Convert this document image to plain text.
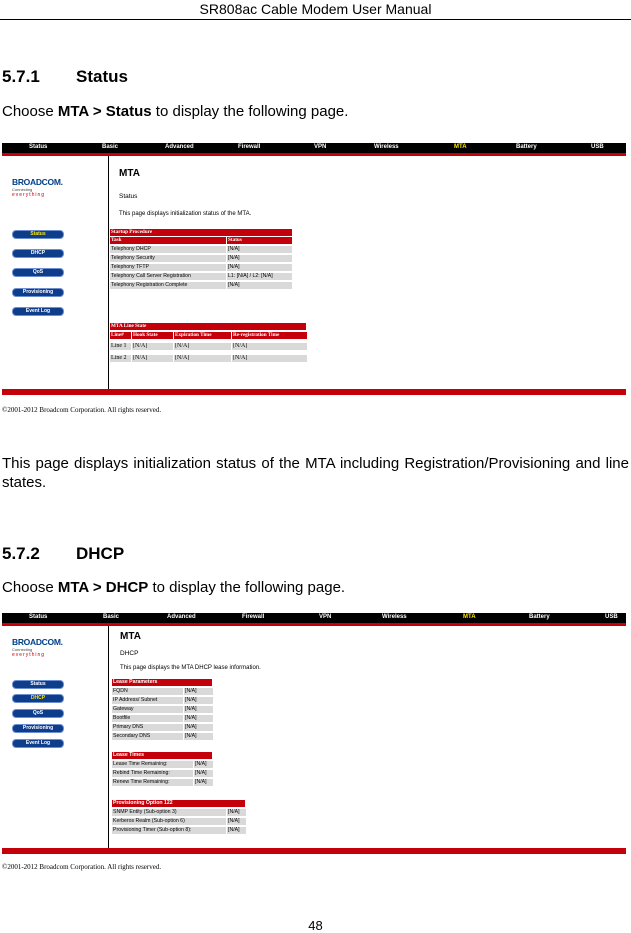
SR808ac Cable Modem User Manual
5.7.1 Status
Choose MTA > Status to display the following page.
Status	Basic	Advanced	Firewall	VPN	Wireless	MTA	Battery	USB
BROADCOM.
Connecting
everything
Status
DHCP
QoS
Provisioning
Event Log
MTA
Status
This page displays initialization status of the MTA.
Startup Procedure
Task	Status
Telephony DHCP	[N/A]
Telephony Security	[N/A]
Telephony TFTP	[N/A]
Telephony Call Server Registration	L1: [N/A] / L2: [N/A]
Telephony Registration Complete	[N/A]
MTA Line State
Line#	Hook State	Expiration Time	Re-registration Time
Line 1	[N/A]	[N/A]	[N/A]
Line 2	[N/A]	[N/A]	[N/A]
©2001-2012 Broadcom Corporation. All rights reserved.
This page displays initialization status of the MTA including Registration/Provisioning and line states.
5.7.2 DHCP
Choose MTA > DHCP to display the following page.
Status	Basic	Advanced	Firewall	VPN	Wireless	MTA	Battery	USB
BROADCOM.
Connecting
everything
Status
DHCP
QoS
Provisioning
Event Log
MTA
DHCP
This page displays the MTA DHCP lease information.
Lease Parameters
FQDN	[N/A]
IP Address/ Subnet	[N/A]
Gateway	[N/A]
Bootfile	[N/A]
Primary DNS	[N/A]
Secondary DNS	[N/A]
Lease Times
Lease Time Remaining:	[N/A]
Rebind Time Remaining:	[N/A]
Renew Time Remaining:	[N/A]
Provisioning Option 122
SNMP Entity (Sub-option 3)	[N/A]
Kerberos Realm (Sub-option 6)	[N/A]
Provisioning Timer (Sub-option 8):	[N/A]
©2001-2012 Broadcom Corporation. All rights reserved.
48
